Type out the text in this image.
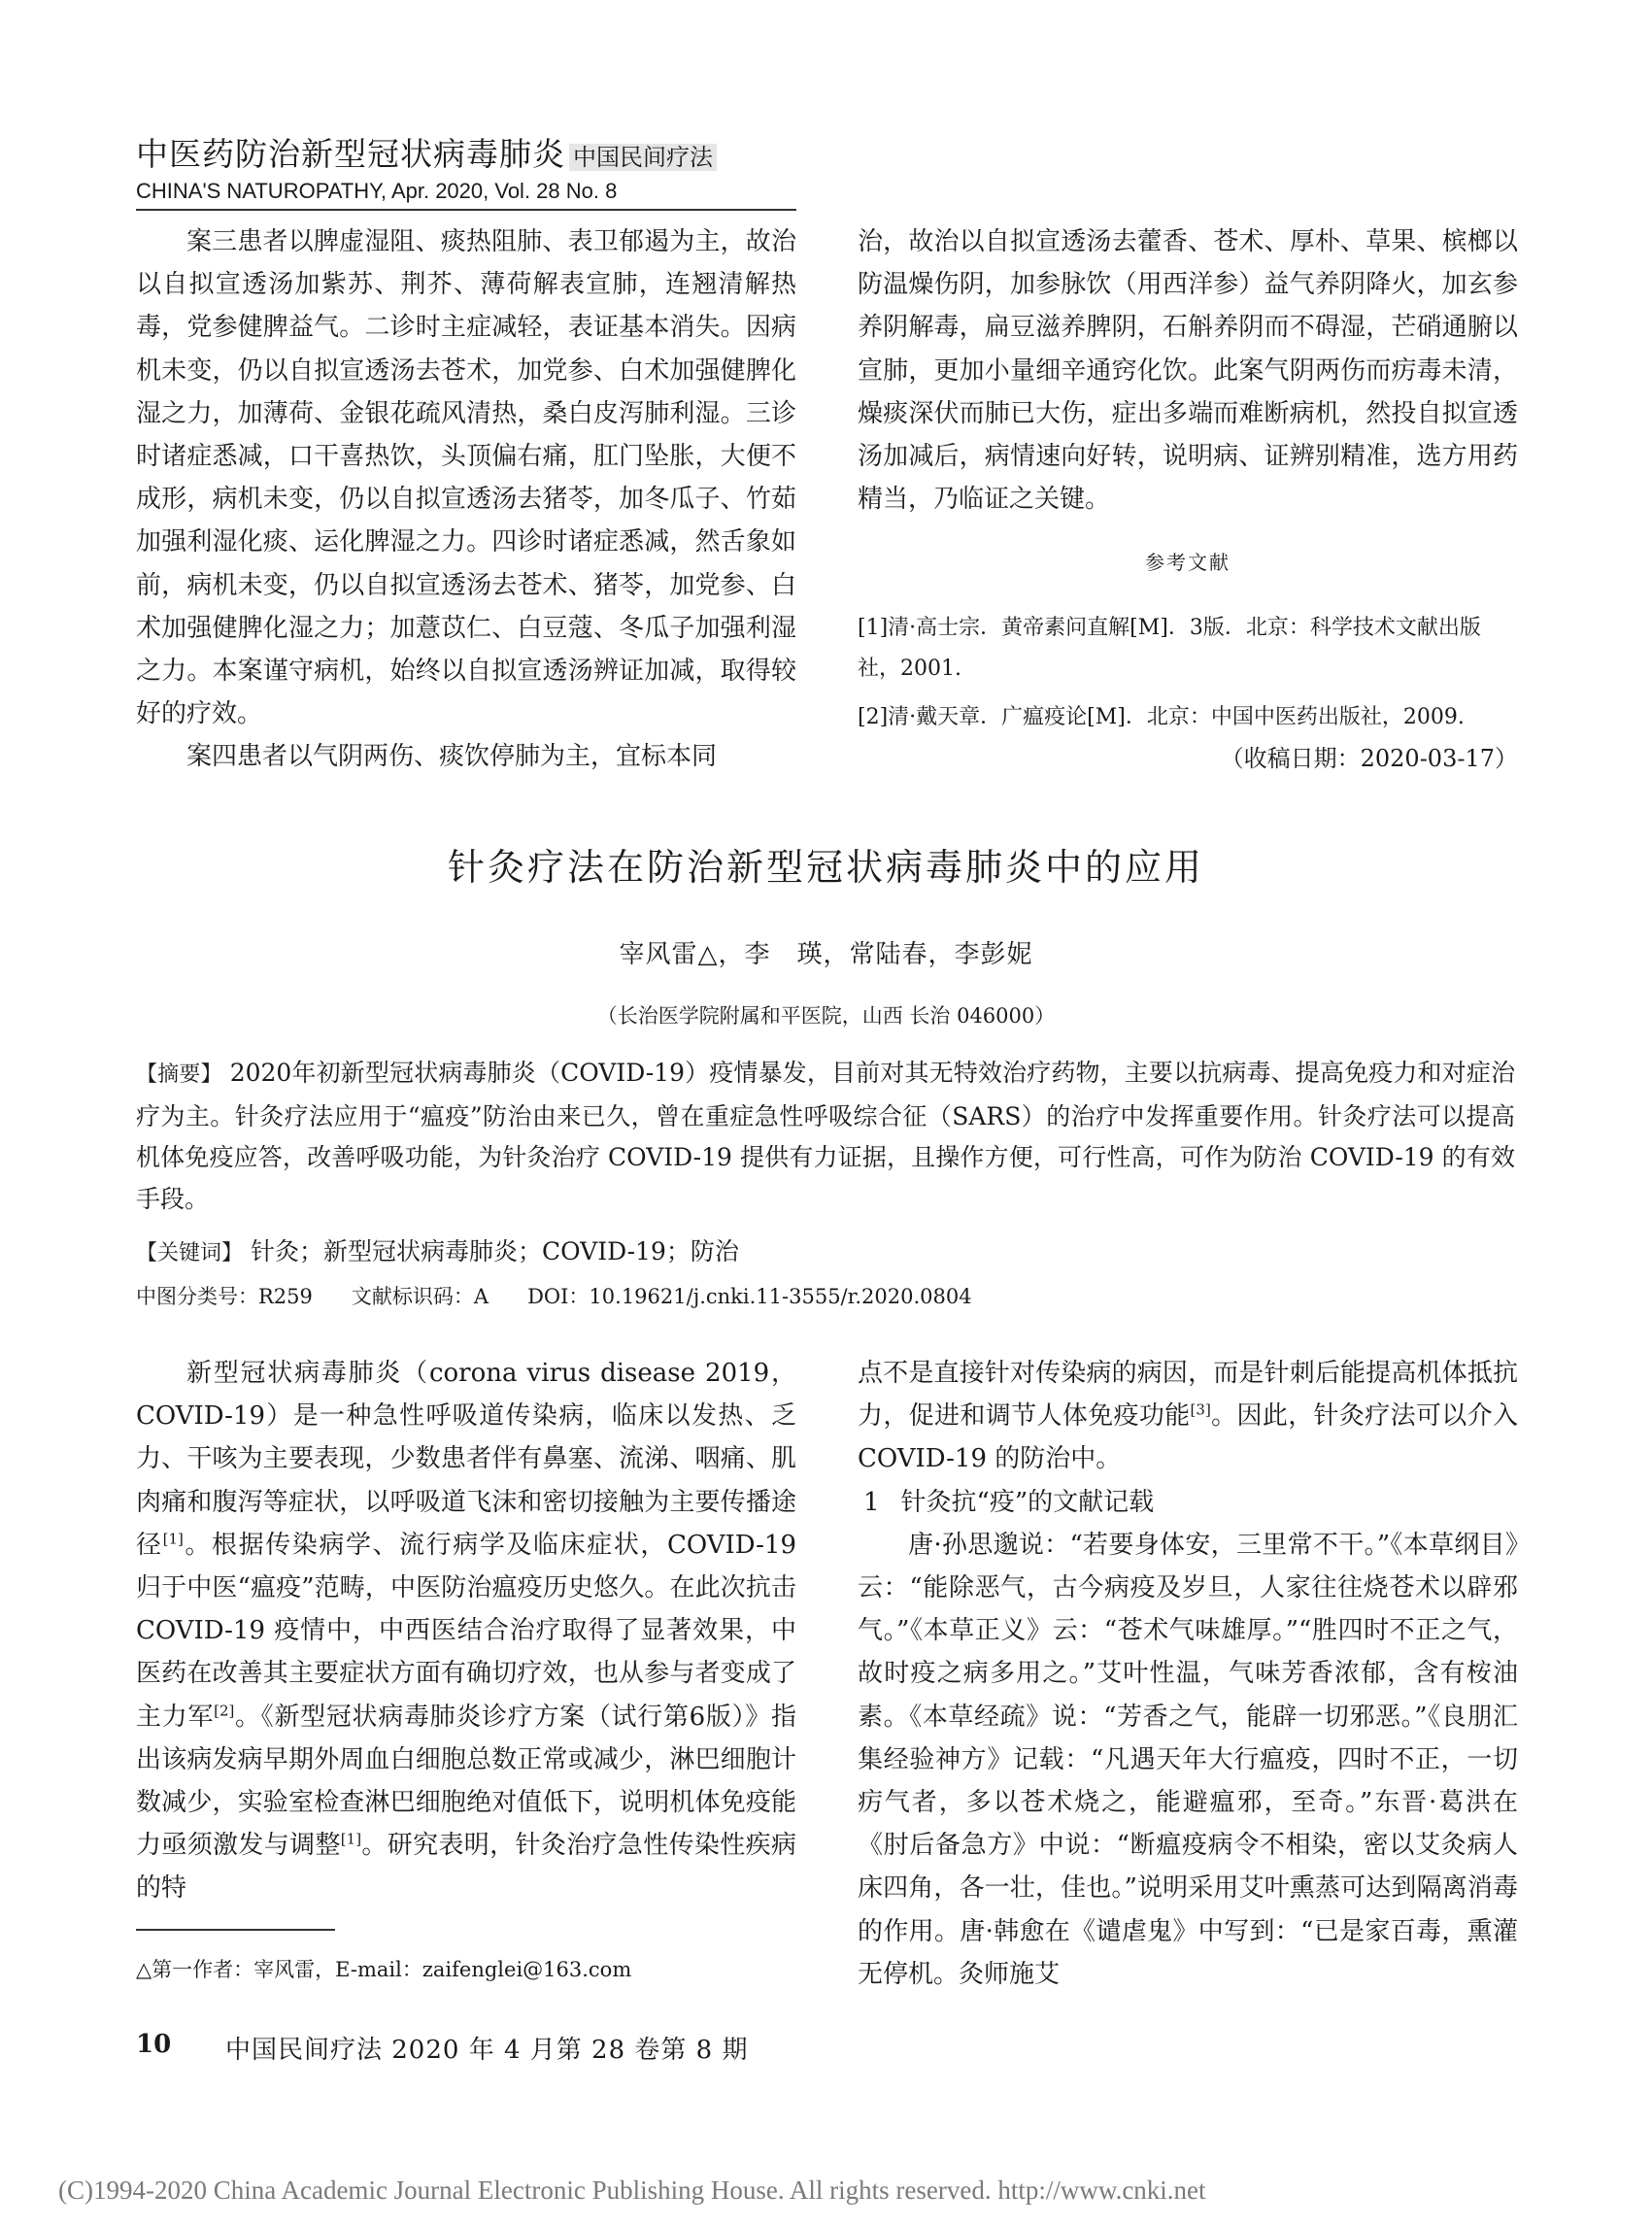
中医药防治新型冠状病毒肺炎 中国民间疗法
CHINA'S NATUROPATHY, Apr. 2020, Vol. 28 No. 8

案三患者以脾虚湿阻、痰热阻肺、表卫郁遏为主，故治以自拟宣透汤加紫苏、荆芥、薄荷解表宣肺，连翘清解热毒，党参健脾益气。二诊时主症减轻，表证基本消失。因病机未变，仍以自拟宣透汤去苍术，加党参、白术加强健脾化湿之力，加薄荷、金银花疏风清热，桑白皮泻肺利湿。三诊时诸症悉减，口干喜热饮，头顶偏右痛，肛门坠胀，大便不成形，病机未变，仍以自拟宣透汤去猪苓，加冬瓜子、竹茹加强利湿化痰、运化脾湿之力。四诊时诸症悉减，然舌象如前，病机未变，仍以自拟宣透汤去苍术、猪苓，加党参、白术加强健脾化湿之力；加薏苡仁、白豆蔻、冬瓜子加强利湿之力。本案谨守病机，始终以自拟宣透汤辨证加减，取得较好的疗效。

案四患者以气阴两伤、痰饮停肺为主，宜标本同

治，故治以自拟宣透汤去藿香、苍术、厚朴、草果、槟榔以防温燥伤阴，加参脉饮（用西洋参）益气养阴降火，加玄参养阴解毒，扁豆滋养脾阴，石斛养阴而不碍湿，芒硝通腑以宣肺，更加小量细辛通窍化饮。此案气阴两伤而疠毒未清，燥痰深伏而肺已大伤，症出多端而难断病机，然投自拟宣透汤加减后，病情速向好转，说明病、证辨别精准，选方用药精当，乃临证之关键。

参考文献
[1]清·高士宗．黄帝素问直解[M]．3版．北京：科学技术文献出版社，2001.
[2]清·戴天章．广瘟疫论[M]．北京：中国中医药出版社，2009.
（收稿日期：2020-03-17）
针灸疗法在防治新型冠状病毒肺炎中的应用
宰风雷△，李　瑛，常陆春，李彭妮
（长治医学院附属和平医院，山西 长治 046000）
【摘要】 2020年初新型冠状病毒肺炎（COVID-19）疫情暴发，目前对其无特效治疗药物，主要以抗病毒、提高免疫力和对症治疗为主。针灸疗法应用于“瘟疫”防治由来已久，曾在重症急性呼吸综合征（SARS）的治疗中发挥重要作用。针灸疗法可以提高机体免疫应答，改善呼吸功能，为针灸治疗 COVID-19 提供有力证据，且操作方便，可行性高，可作为防治 COVID-19 的有效手段。
【关键词】 针灸；新型冠状病毒肺炎；COVID-19；防治
中图分类号：R259 文献标识码：A DOI：10.19621/j.cnki.11-3555/r.2020.0804

新型冠状病毒肺炎（corona virus disease 2019，COVID-19）是一种急性呼吸道传染病，临床以发热、乏力、干咳为主要表现，少数患者伴有鼻塞、流涕、咽痛、肌肉痛和腹泻等症状，以呼吸道飞沫和密切接触为主要传播途径[1]。根据传染病学、流行病学及临床症状，COVID-19 归于中医“瘟疫”范畴，中医防治瘟疫历史悠久。在此次抗击 COVID-19 疫情中，中西医结合治疗取得了显著效果，中医药在改善其主要症状方面有确切疗效，也从参与者变成了主力军[2]。《新型冠状病毒肺炎诊疗方案（试行第6版）》指出该病发病早期外周血白细胞总数正常或减少，淋巴细胞计数减少，实验室检查淋巴细胞绝对值低下，说明机体免疫能力亟须激发与调整[1]。研究表明，针灸治疗急性传染性疾病的特

点不是直接针对传染病的病因，而是针刺后能提高机体抵抗力，促进和调节人体免疫功能[3]。因此，针灸疗法可以介入 COVID-19 的防治中。

1 针灸抗“疫”的文献记载

唐·孙思邈说：“若要身体安，三里常不干。”《本草纲目》云：“能除恶气，古今病疫及岁旦，人家往往烧苍术以辟邪气。”《本草正义》云：“苍术气味雄厚。”“胜四时不正之气，故时疫之病多用之。”艾叶性温，气味芳香浓郁，含有桉油素。《本草经疏》说：“芳香之气，能辟一切邪恶。”《良朋汇集经验神方》记载：“凡遇天年大行瘟疫，四时不正，一切疠气者，多以苍术烧之，能避瘟邪，至奇。”东晋·葛洪在《肘后备急方》中说：“断瘟疫病令不相染，密以艾灸病人床四角，各一壮，佳也。”说明采用艾叶熏蒸可达到隔离消毒的作用。唐·韩愈在《谴虐鬼》中写到：“已是家百毒，熏灌无停机。灸师施艾

△第一作者：宰风雷，E-mail：zaifenglei@163.com
10 中国民间疗法 2020 年 4 月第 28 卷第 8 期
(C)1994-2020 China Academic Journal Electronic Publishing House. All rights reserved. http://www.cnki.net
